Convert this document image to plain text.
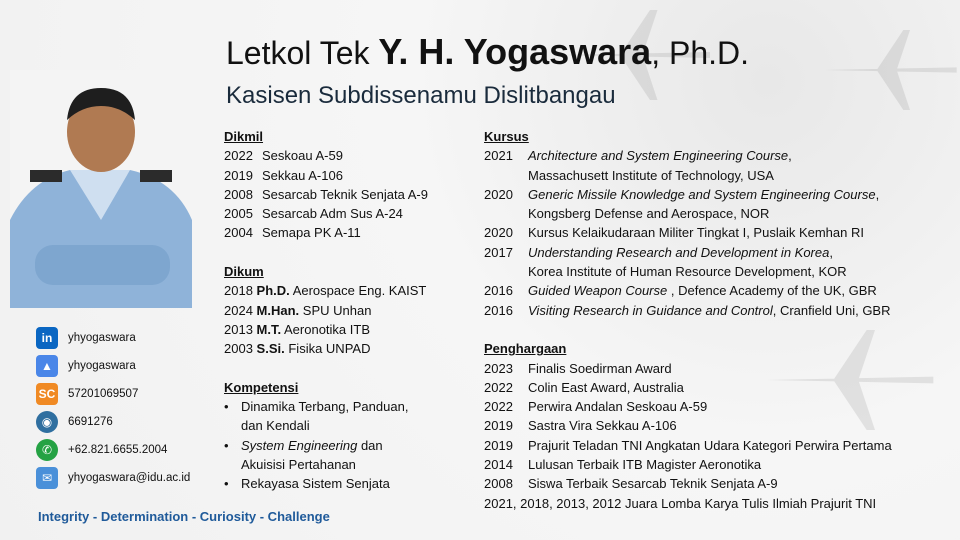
Letkol Tek Y. H. Yogaswara, Ph.D.
Kasisen Subdissenamu Dislitbangau
Dikmil
2022 Seskoau A-59
2019 Sekkau A-106
2008 Sesarcab Teknik Senjata A-9
2005 Sesarcab Adm Sus A-24
2004 Semapa PK A-11
Dikum
2018 Ph.D. Aerospace Eng. KAIST
2024 M.Han. SPU Unhan
2013 M.T. Aeronotika ITB
2003 S.Si. Fisika UNPAD
Kompetensi
• Dinamika Terbang, Panduan,
dan Kendali
• System Engineering dan
Akuisisi Pertahanan
• Rekayasa Sistem Senjata
Kursus
2021	Architecture and System Engineering Course,
Massachusett Institute of Technology, USA
2020	Generic Missile Knowledge and System Engineering Course,
Kongsberg Defense and Aerospace, NOR
2020	Kursus Kelaikudaraan Militer Tingkat I, Puslaik Kemhan RI
2017	Understanding Research and Development in Korea,
Korea Institute of Human Resource Development, KOR
2016	Guided Weapon Course , Defence Academy of the UK, GBR
2016	Visiting Research in Guidance and Control, Cranfield Uni, GBR
Penghargaan
2023	Finalis Soedirman Award
2022	Colin East Award, Australia
2022	Perwira Andalan Seskoau A-59
2019	Sastra Vira Sekkau A-106
2019	Prajurit Teladan TNI Angkatan Udara Kategori Perwira Pertama
2014	Lulusan Terbaik ITB Magister Aeronotika
2008	Siswa Terbaik Sesarcab Teknik Senjata A-9
2021, 2018, 2013, 2012 Juara Lomba Karya Tulis Ilmiah Prajurit TNI
in	yhyogaswara
▲	yhyogaswara
SC 57201069507
◉	6691276
✆	+62.821.6655.2004
✉	yhyogaswara@idu.ac.id
Integrity - Determination - Curiosity - Challenge
